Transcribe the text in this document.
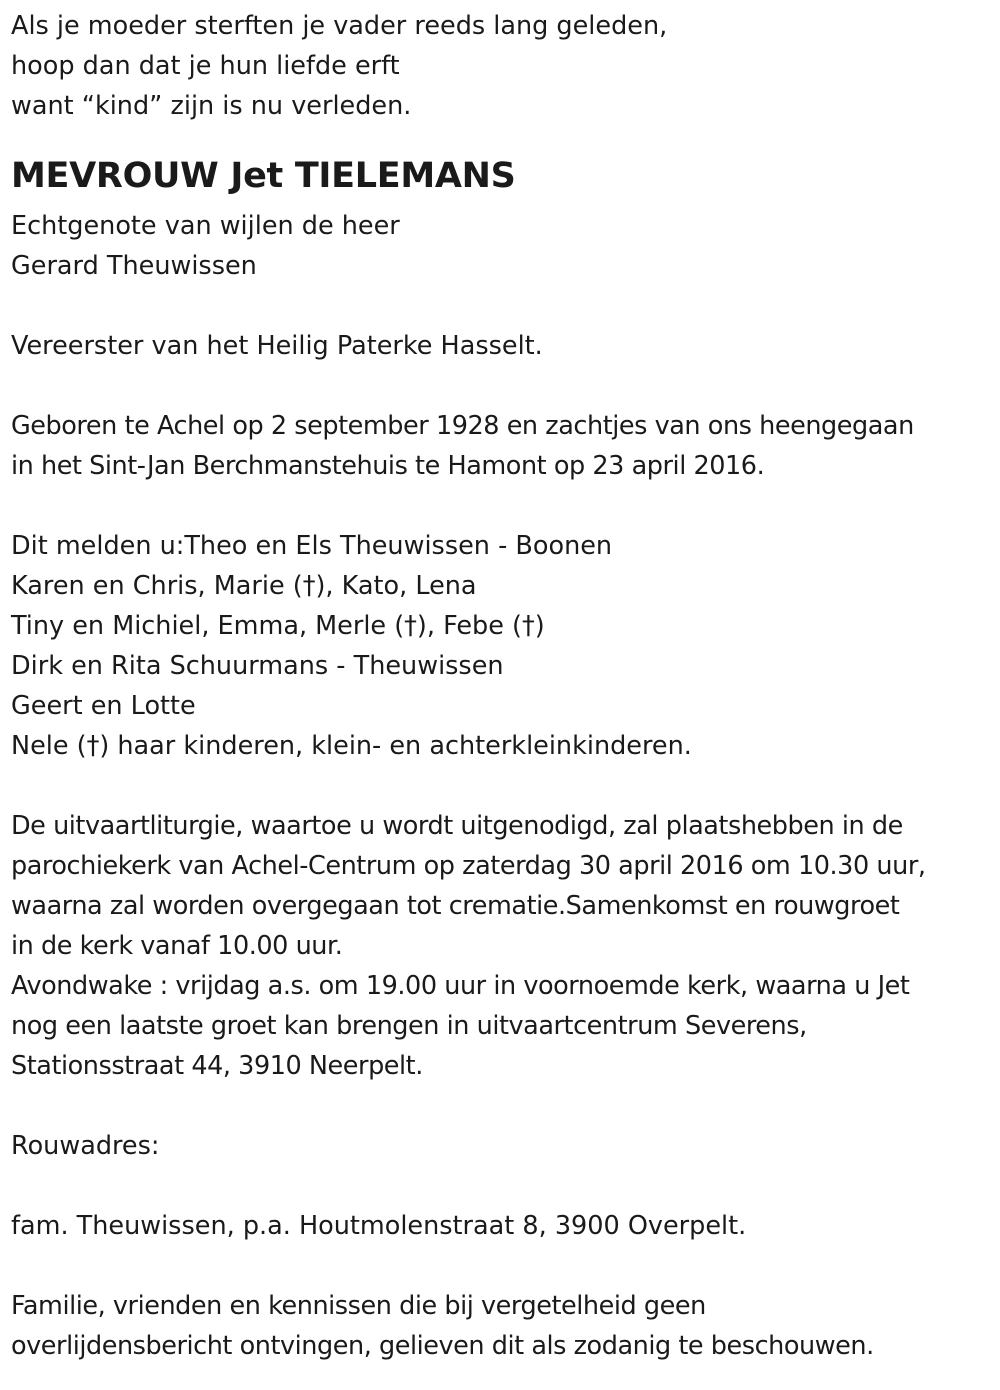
Als je moeder sterften je vader reeds lang geleden,
hoop dan dat je hun liefde erft
want “kind” zijn is nu verleden.
MEVROUW Jet TIELEMANS
Echtgenote van wijlen de heer
Gerard Theuwissen
Vereerster van het Heilig Paterke Hasselt.
Geboren te Achel op 2 september 1928 en zachtjes van ons heengegaan
in het Sint-Jan Berchmanstehuis te Hamont op 23 april 2016.
Dit melden u:Theo en Els Theuwissen - Boonen
Karen en Chris, Marie (†), Kato, Lena
Tiny en Michiel, Emma, Merle (†), Febe (†)
Dirk en Rita Schuurmans - Theuwissen
Geert en Lotte
Nele (†) haar kinderen, klein- en achterkleinkinderen.
De uitvaartliturgie, waartoe u wordt uitgenodigd, zal plaatshebben in de
parochiekerk van Achel-Centrum op zaterdag 30 april 2016 om 10.30 uur,
waarna zal worden overgegaan tot crematie.Samenkomst en rouwgroet
in de kerk vanaf 10.00 uur.
Avondwake : vrijdag a.s. om 19.00 uur in voornoemde kerk, waarna u Jet
nog een laatste groet kan brengen in uitvaartcentrum Severens,
Stationsstraat 44, 3910 Neerpelt.
Rouwadres:
fam. Theuwissen, p.a. Houtmolenstraat 8, 3900 Overpelt.
Familie, vrienden en kennissen die bij vergetelheid geen
overlijdensbericht ontvingen, gelieven dit als zodanig te beschouwen.
